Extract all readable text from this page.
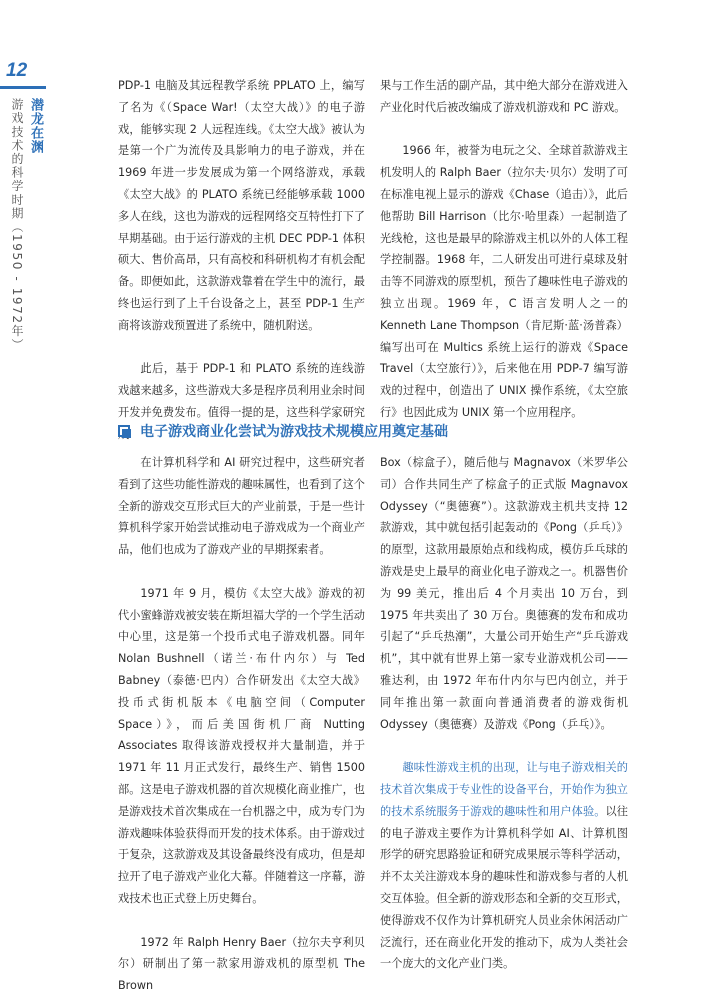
12
潜龙在渊
游戏技术的科学时期（1950 - 1972年）

PDP-1 电脑及其远程教学系统 PPLATO 上，编写了名为《（Space War!（太空大战）》的电子游戏，能够实现 2 人远程连线。《太空大战》被认为是第一个广为流传及具影响力的电子游戏，并在 1969 年进一步发展成为第一个网络游戏，承载《太空大战》的 PLATO 系统已经能够承载 1000 多人在线，这也为游戏的远程网络交互特性打下了早期基础。由于运行游戏的主机 DEC PDP-1 体积硕大、售价高昂，只有高校和科研机构才有机会配备。即便如此，这款游戏靠着在学生中的流行，最终也运行到了上千台设备之上，甚至 PDP-1 生产商将该游戏预置进了系统中，随机附送。

此后，基于 PDP-1 和 PLATO 系统的连线游戏越来越多，这些游戏大多是程序员利用业余时间开发并免费发布。值得一提的是，这些科学家研究

果与工作生活的副产品，其中绝大部分在游戏进入产业化时代后被改编成了游戏机游戏和 PC 游戏。

1966 年，被誉为电玩之父、全球首款游戏主机发明人的 Ralph Baer（拉尔夫·贝尔）发明了可在标准电视上显示的游戏《Chase（追击）》，此后他帮助 Bill Harrison（比尔·哈里森）一起制造了光线枪，这也是最早的除游戏主机以外的人体工程学控制器。1968 年，二人研发出可进行桌球及射击等不同游戏的原型机，预告了趣味性电子游戏的独立出现。1969 年，C 语言发明人之一的 Kenneth Lane Thompson（肯尼斯·蓝·汤普森）编写出可在 Multics 系统上运行的游戏《Space Travel（太空旅行）》，后来他在用 PDP-7 编写游戏的过程中，创造出了 UNIX 操作系统，《太空旅行》也因此成为 UNIX 第一个应用程序。

电子游戏商业化尝试为游戏技术规模应用奠定基础

在计算机科学和 AI 研究过程中，这些研究者看到了这些功能性游戏的趣味属性，也看到了这个全新的游戏交互形式巨大的产业前景，于是一些计算机科学家开始尝试推动电子游戏成为一个商业产品，他们也成为了游戏产业的早期探索者。

1971 年 9 月，模仿《太空大战》游戏的初代小蜜蜂游戏被安装在斯坦福大学的一个学生活动中心里，这是第一个投币式电子游戏机器。同年 Nolan Bushnell（诺兰·布什内尔）与 Ted Babney（泰德·巴内）合作研发出《太空大战》投币式街机版本《电脑空间（Computer Space）》，而后美国街机厂商 Nutting Associates 取得该游戏授权并大量制造，并于 1971 年 11 月正式发行，最终生产、销售 1500 部。这是电子游戏机器的首次规模化商业推广，也是游戏技术首次集成在一台机器之中，成为专门为游戏趣味体验获得而开发的技术体系。由于游戏过于复杂，这款游戏及其设备最终没有成功，但是却拉开了电子游戏产业化大幕。伴随着这一序幕，游戏技术也正式登上历史舞台。

1972 年 Ralph Henry Baer（拉尔夫亨利贝尔）研制出了第一款家用游戏机的原型机 The Brown

Box（棕盒子），随后他与 Magnavox（米罗华公司）合作共同生产了棕盒子的正式版 Magnavox Odyssey（“奥德赛”）。这款游戏主机共支持 12 款游戏，其中就包括引起轰动的《Pong（乒乓）》的原型，这款用最原始点和线构成，模仿乒乓球的游戏是史上最早的商业化电子游戏之一。机器售价为 99 美元，推出后 4 个月卖出 10 万台，到 1975 年共卖出了 30 万台。奥德赛的发布和成功引起了“乒乓热潮”，大量公司开始生产“乒乓游戏机”，其中就有世界上第一家专业游戏机公司——雅达利，由 1972 年布什内尔与巴内创立，并于同年推出第一款面向普通消费者的游戏街机 Odyssey（奥德赛）及游戏《Pong（乒乓）》。

趣味性游戏主机的出现，让与电子游戏相关的技术首次集成于专业性的设备平台，开始作为独立的技术系统服务于游戏的趣味性和用户体验。以往的电子游戏主要作为计算机科学如 AI、计算机图形学的研究思路验证和研究成果展示等科学活动，并不太关注游戏本身的趣味性和游戏参与者的人机交互体验。但全新的游戏形态和全新的交互形式，使得游戏不仅作为计算机研究人员业余休闲活动广泛流行，还在商业化开发的推动下，成为人类社会一个庞大的文化产业门类。
